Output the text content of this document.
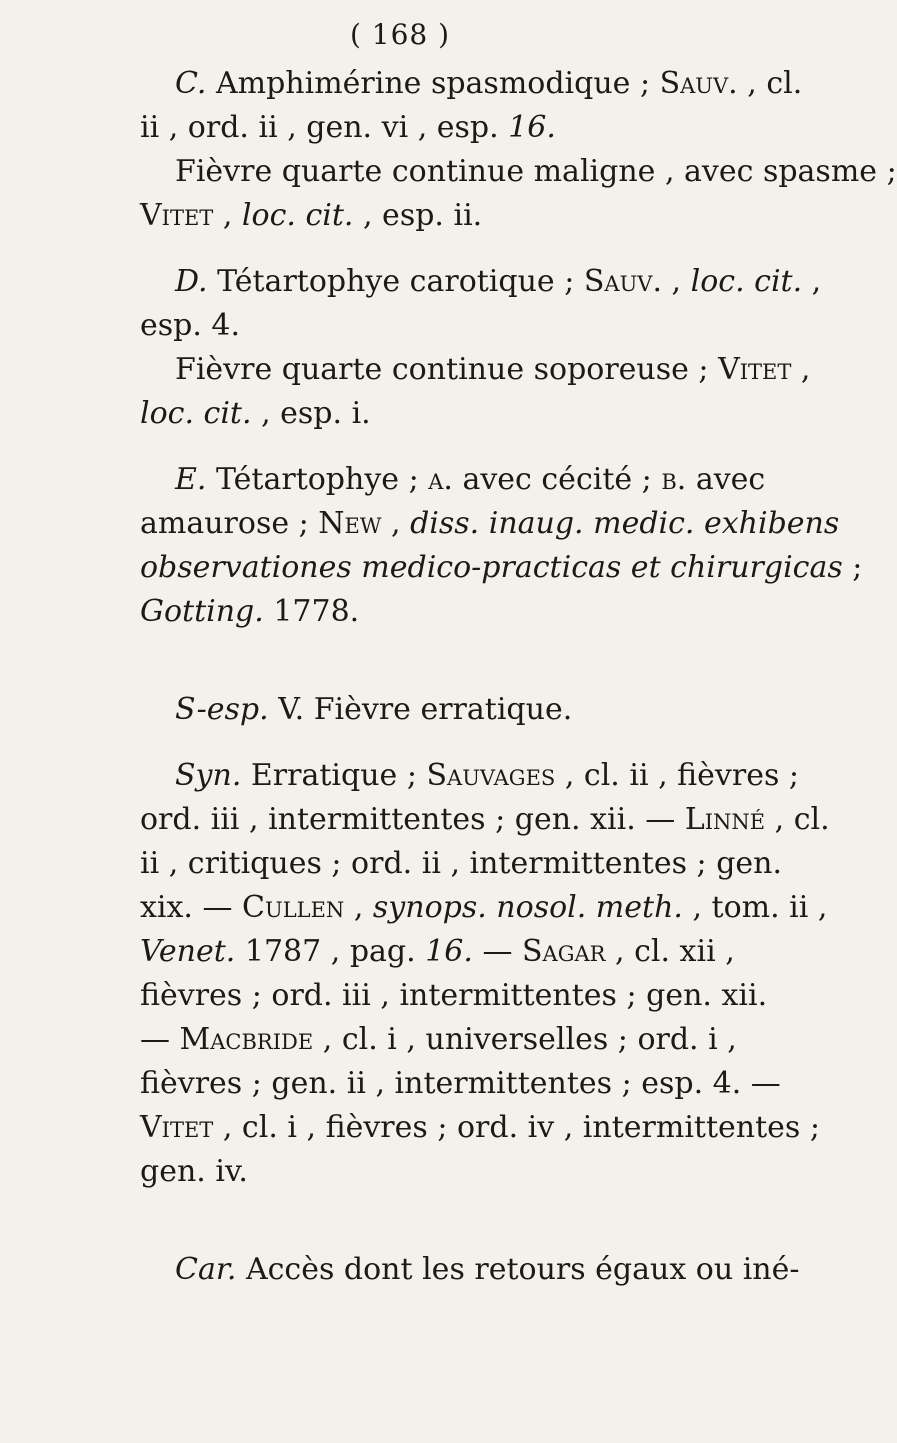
( 168 )
C. Amphimérine spasmodique ; Sauv. , cl.
ii , ord. ii , gen. vi , esp. 16.
Fièvre quarte continue maligne , avec spasme ;
Vitet , loc. cit. , esp. ii.
D. Tétartophye carotique ; Sauv. , loc. cit. ,
esp. 4.
Fièvre quarte continue soporeuse ; Vitet ,
loc. cit. , esp. i.
E. Tétartophye ; a. avec cécité ; b. avec
amaurose ; New , diss. inaug. medic. exhibens
observationes medico-practicas et chirurgicas ;
Gotting. 1778.
S-esp. V. Fièvre erratique.
Syn. Erratique ; Sauvages , cl. ii , fièvres ;
ord. iii , intermittentes ; gen. xii. — Linné , cl.
ii , critiques ; ord. ii , intermittentes ; gen.
xix. — Cullen , synops. nosol. meth. , tom. ii ,
Venet. 1787 , pag. 16. — Sagar , cl. xii ,
fièvres ; ord. iii , intermittentes ; gen. xii.
— Macbride , cl. i , universelles ; ord. i ,
fièvres ; gen. ii , intermittentes ; esp. 4. —
Vitet , cl. i , fièvres ; ord. iv , intermittentes ;
gen. iv.
Car. Accès dont les retours égaux ou iné-
